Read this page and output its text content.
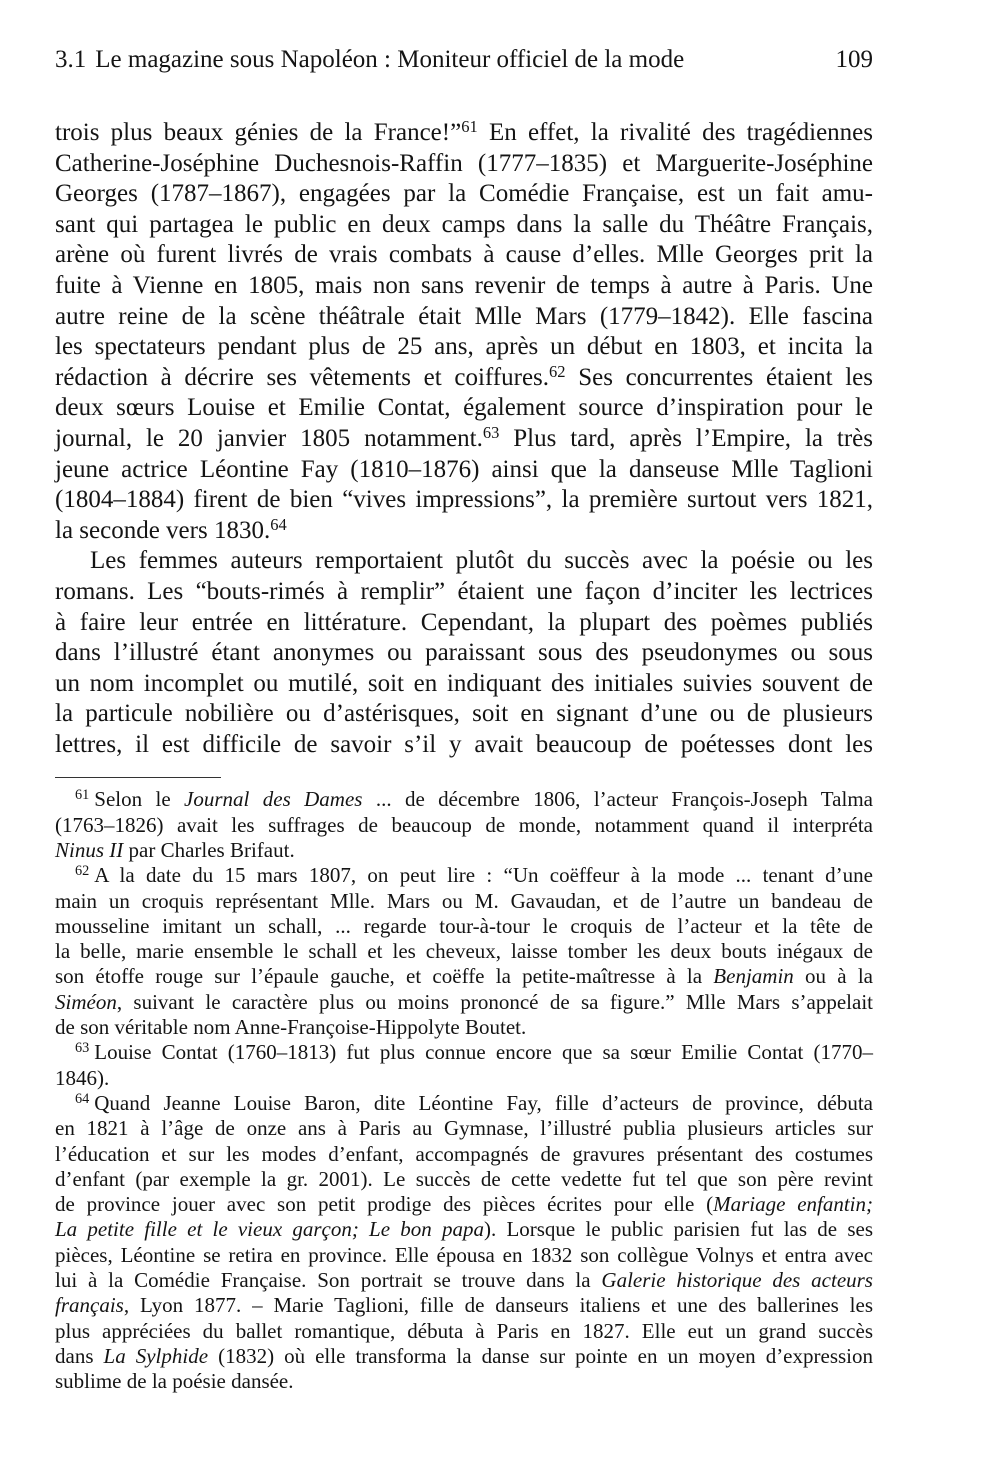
3.1 Le magazine sous Napoléon : Moniteur officiel de la mode	109
trois plus beaux génies de la France!”$^{61}$ En effet, la rivalité des tragédiennes
Catherine-Joséphine Duchesnois-Raffin (1777–1835) et Marguerite-Joséphine
Georges (1787–1867), engagées par la Comédie Française, est un fait amu-
sant qui partagea le public en deux camps dans la salle du Théâtre Français,
arène où furent livrés de vrais combats à cause d’elles. Mlle Georges prit la
fuite à Vienne en 1805, mais non sans revenir de temps à autre à Paris. Une
autre reine de la scène théâtrale était Mlle Mars (1779–1842). Elle fascina
les spectateurs pendant plus de 25 ans, après un début en 1803, et incita la
rédaction à décrire ses vêtements et coiffures.$^{62}$ Ses concurrentes étaient les
deux sœurs Louise et Emilie Contat, également source d’inspiration pour le
journal, le 20 janvier 1805 notamment.$^{63}$ Plus tard, après l’Empire, la très
jeune actrice Léontine Fay (1810–1876) ainsi que la danseuse Mlle Taglioni
(1804–1884) firent de bien “vives impressions”, la première surtout vers 1821,
la seconde vers 1830.64
Les femmes auteurs remportaient plutôt du succès avec la poésie ou les
romans. Les “bouts-rimés à remplir” étaient une façon d’inciter les lectrices
à faire leur entrée en littérature. Cependant, la plupart des poèmes publiés
dans l’illustré étant anonymes ou paraissant sous des pseudonymes ou sous
un nom incomplet ou mutilé, soit en indiquant des initiales suivies souvent de
la particule nobilière ou d’astérisques, soit en signant d’une ou de plusieurs
lettres, il est difficile de savoir s’il y avait beaucoup de poétesses dont les
$^{61}$ Selon le Journal des Dames ... de décembre 1806, l’acteur François-Joseph Talma
(1763–1826) avait les suffrages de beaucoup de monde, notamment quand il interpréta
Ninus II par Charles Brifaut.
$^{62}$ A la date du 15 mars 1807, on peut lire : “Un coëffeur à la mode ... tenant d’une
main un croquis représentant Mlle. Mars ou M. Gavaudan, et de l’autre un bandeau de
mousseline imitant un schall, ... regarde tour-à-tour le croquis de l’acteur et la tête de
la belle, marie ensemble le schall et les cheveux, laisse tomber les deux bouts inégaux de
son étoffe rouge sur l’épaule gauche, et coëffe la petite-maîtresse à la Benjamin ou à la
Siméon, suivant le caractère plus ou moins prononcé de sa figure.” Mlle Mars s’appelait
de son véritable nom Anne-Françoise-Hippolyte Boutet.
$^{63}$ Louise Contat (1760–1813) fut plus connue encore que sa sœur Emilie Contat (1770–
1846).
$^{64}$ Quand Jeanne Louise Baron, dite Léontine Fay, fille d’acteurs de province, débuta
en 1821 à l’âge de onze ans à Paris au Gymnase, l’illustré publia plusieurs articles sur
l’éducation et sur les modes d’enfant, accompagnés de gravures présentant des costumes
d’enfant (par exemple la gr. 2001). Le succès de cette vedette fut tel que son père revint
de province jouer avec son petit prodige des pièces écrites pour elle (Mariage enfantin;
La petite fille et le vieux garçon; Le bon papa). Lorsque le public parisien fut las de ses
pièces, Léontine se retira en province. Elle épousa en 1832 son collègue Volnys et entra avec
lui à la Comédie Française. Son portrait se trouve dans la Galerie historique des acteurs
français, Lyon 1877. – Marie Taglioni, fille de danseurs italiens et une des ballerines les
plus appréciées du ballet romantique, débuta à Paris en 1827. Elle eut un grand succès
dans La Sylphide (1832) où elle transforma la danse sur pointe en un moyen d’expression
sublime de la poésie dansée.
